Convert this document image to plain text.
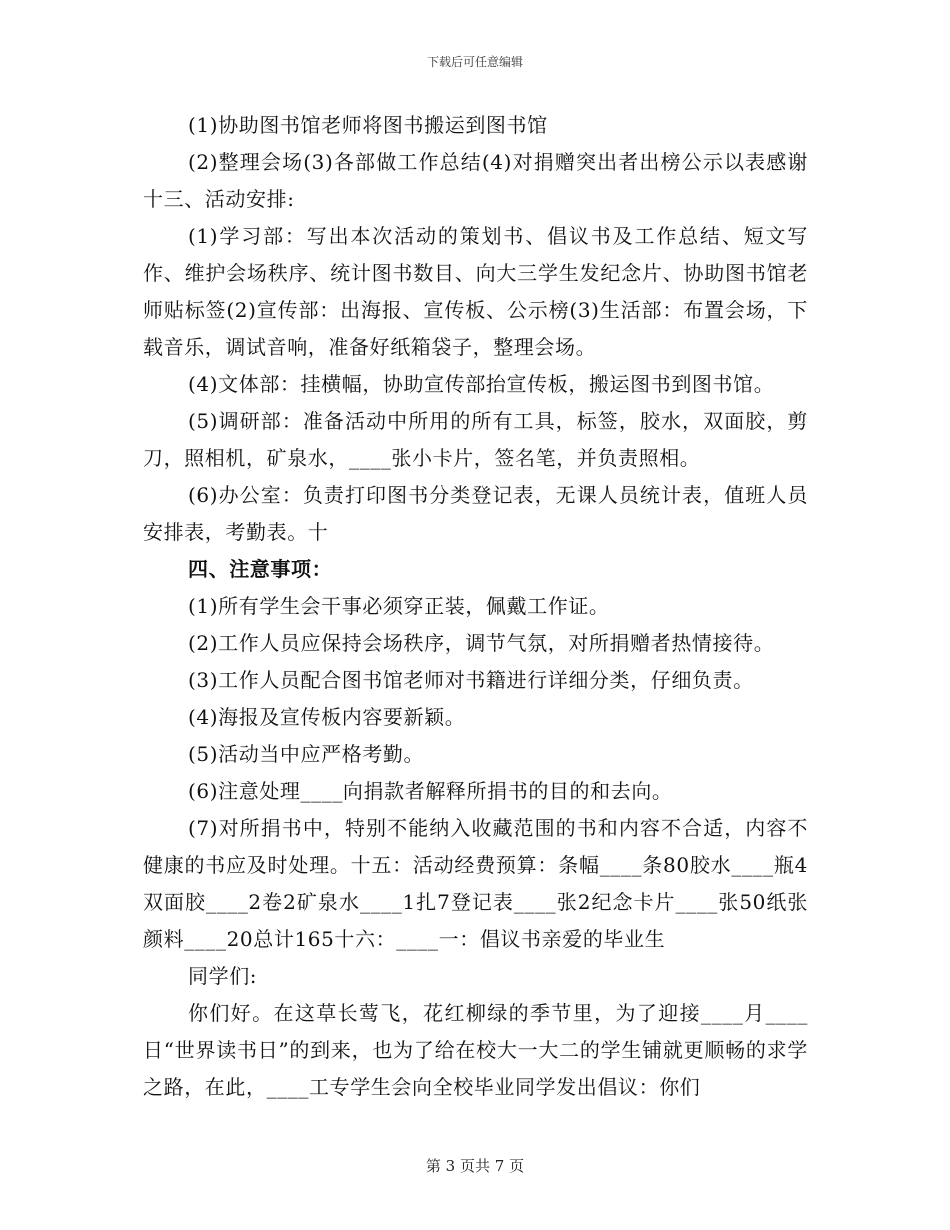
下载后可任意编辑

(1)协助图书馆老师将图书搬运到图书馆

(2)整理会场(3)各部做工作总结(4)对捐赠突出者出榜公示以表感谢十三、活动安排:

(1)学习部：写出本次活动的策划书、倡议书及工作总结、短文写作、维护会场秩序、统计图书数目、向大三学生发纪念片、协助图书馆老师贴标签(2)宣传部：出海报、宣传板、公示榜(3)生活部：布置会场，下载音乐，调试音响，准备好纸箱袋子，整理会场。

(4)文体部：挂横幅，协助宣传部抬宣传板，搬运图书到图书馆。

(5)调研部：准备活动中所用的所有工具，标签，胶水，双面胶，剪刀，照相机，矿泉水，____张小卡片，签名笔，并负责照相。

(6)办公室：负责打印图书分类登记表，无课人员统计表，值班人员安排表，考勤表。十

四、注意事项：

(1)所有学生会干事必须穿正装，佩戴工作证。

(2)工作人员应保持会场秩序，调节气氛，对所捐赠者热情接待。

(3)工作人员配合图书馆老师对书籍进行详细分类，仔细负责。

(4)海报及宣传板内容要新颖。

(5)活动当中应严格考勤。

(6)注意处理____向捐款者解释所捐书的目的和去向。

(7)对所捐书中，特别不能纳入收藏范围的书和内容不合适，内容不健康的书应及时处理。十五：活动经费预算：条幅____条80胶水____瓶4双面胶____2卷2矿泉水____1扎7登记表____张2纪念卡片____张50纸张颜料____20总计165十六：____一：倡议书亲爱的毕业生

同学们:

你们好。在这草长莺飞，花红柳绿的季节里，为了迎接____月____日“世界读书日”的到来，也为了给在校大一大二的学生铺就更顺畅的求学之路，在此，____工专学生会向全校毕业同学发出倡议：你们

第 3 页共 7 页
